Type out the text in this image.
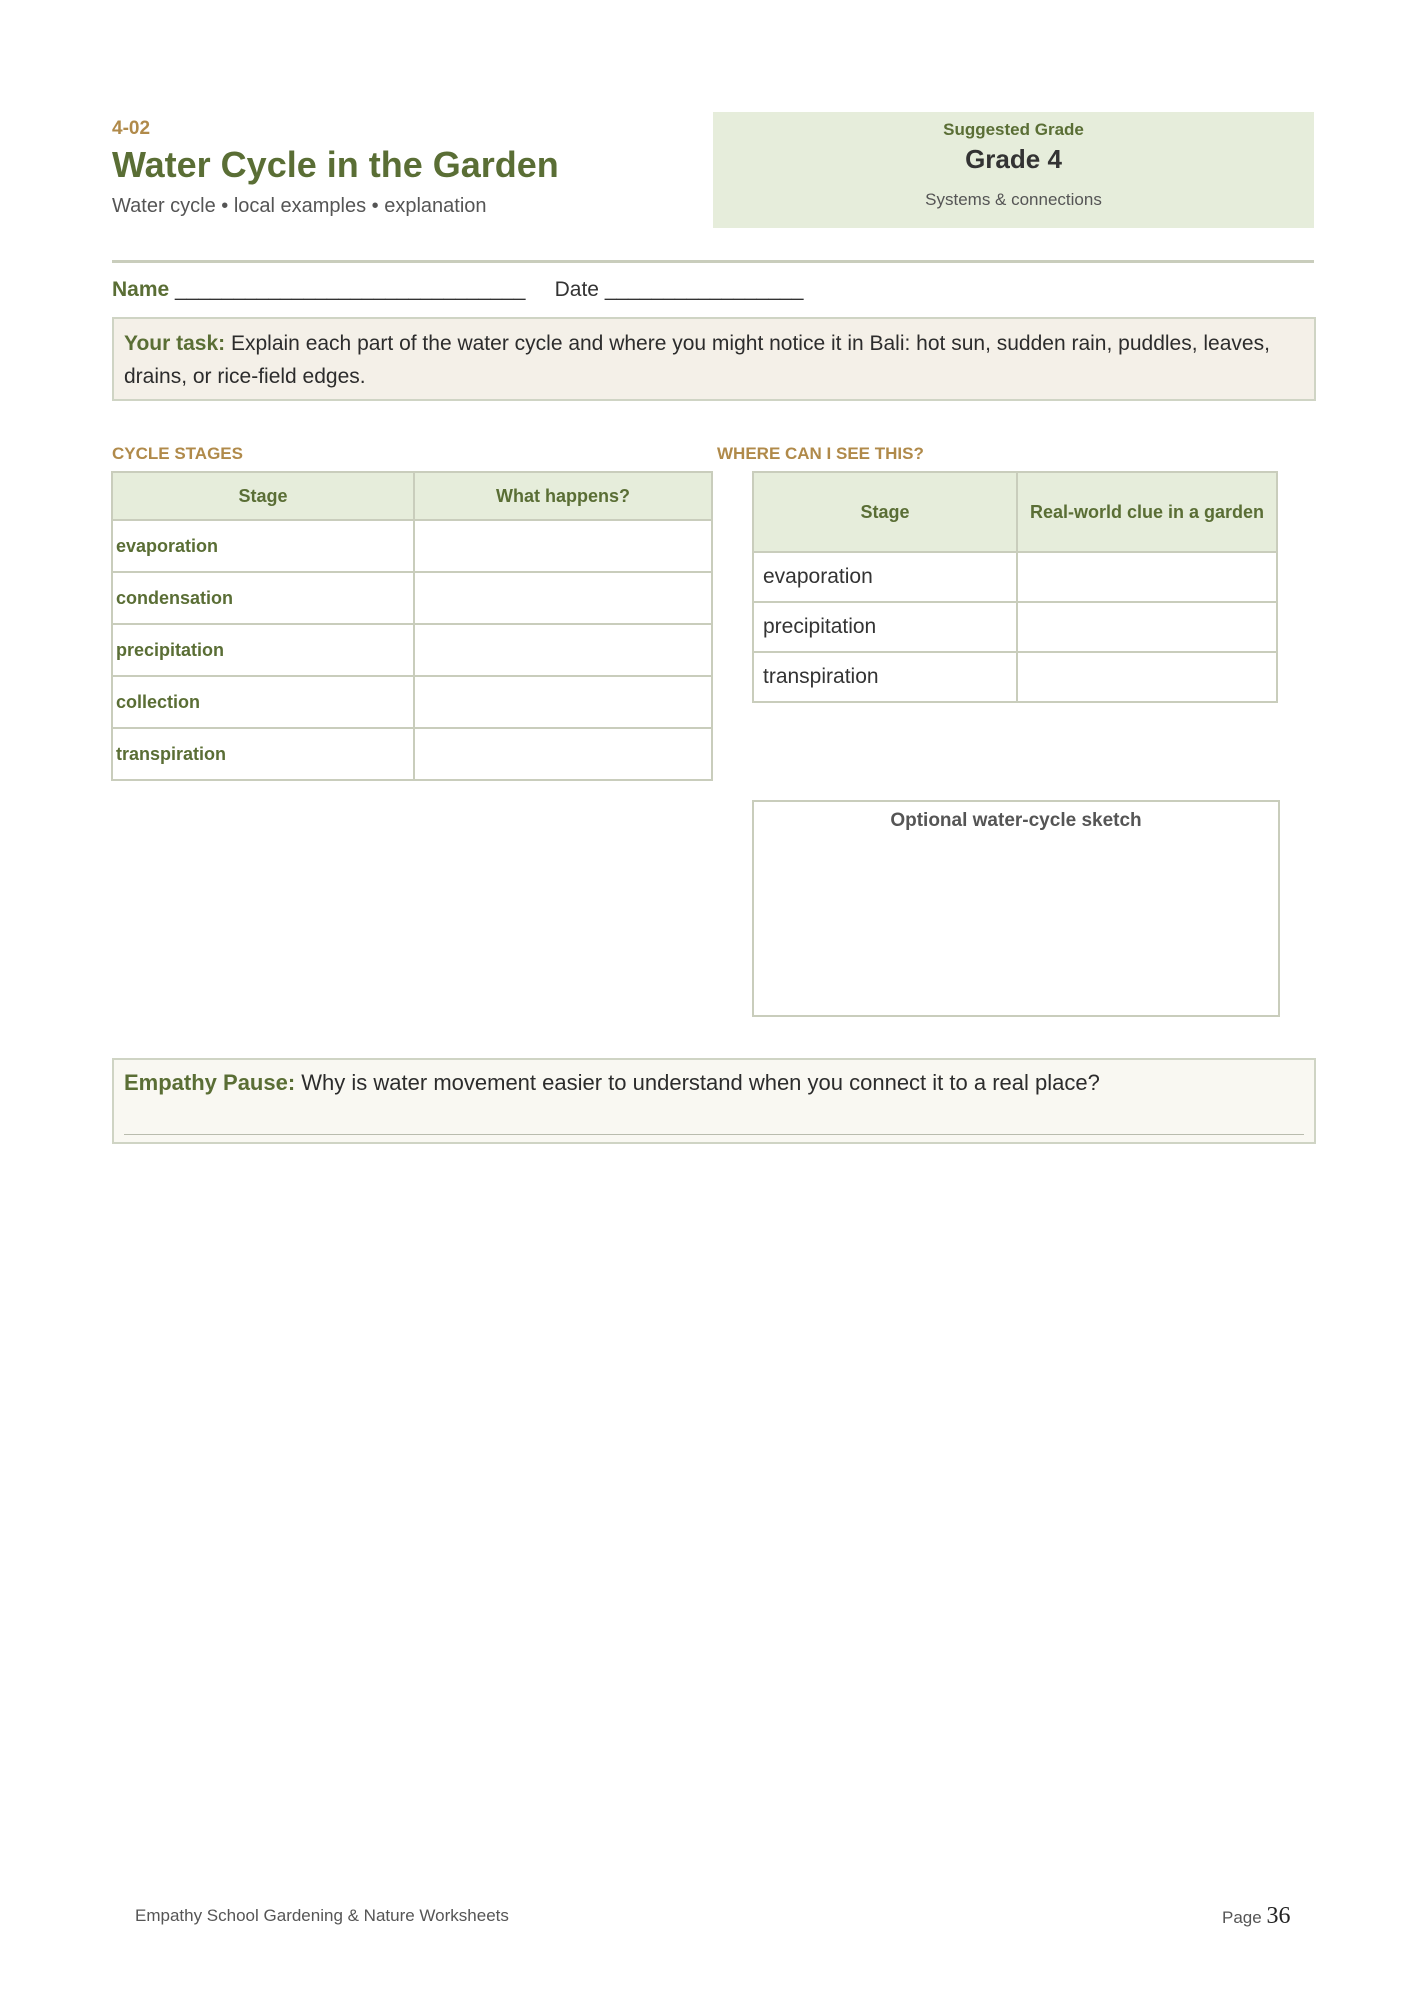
4-02
Water Cycle in the Garden
Water cycle • local examples • explanation
Suggested Grade
Grade 4
Systems & connections
Name ______________________________ Date _________________
Your task: Explain each part of the water cycle and where you might notice it in Bali: hot sun, sudden rain, puddles, leaves, drains, or rice-field edges.
CYCLE STAGES
Stage	What happens?
evaporation	
condensation	
precipitation	
collection	
transpiration	
WHERE CAN I SEE THIS?
Stage	Real-world clue in a garden
evaporation	
precipitation	
transpiration	
Optional water-cycle sketch
Empathy Pause: Why is water movement easier to understand when you connect it to a real place?
Empathy School Gardening & Nature Worksheets	Page 36
